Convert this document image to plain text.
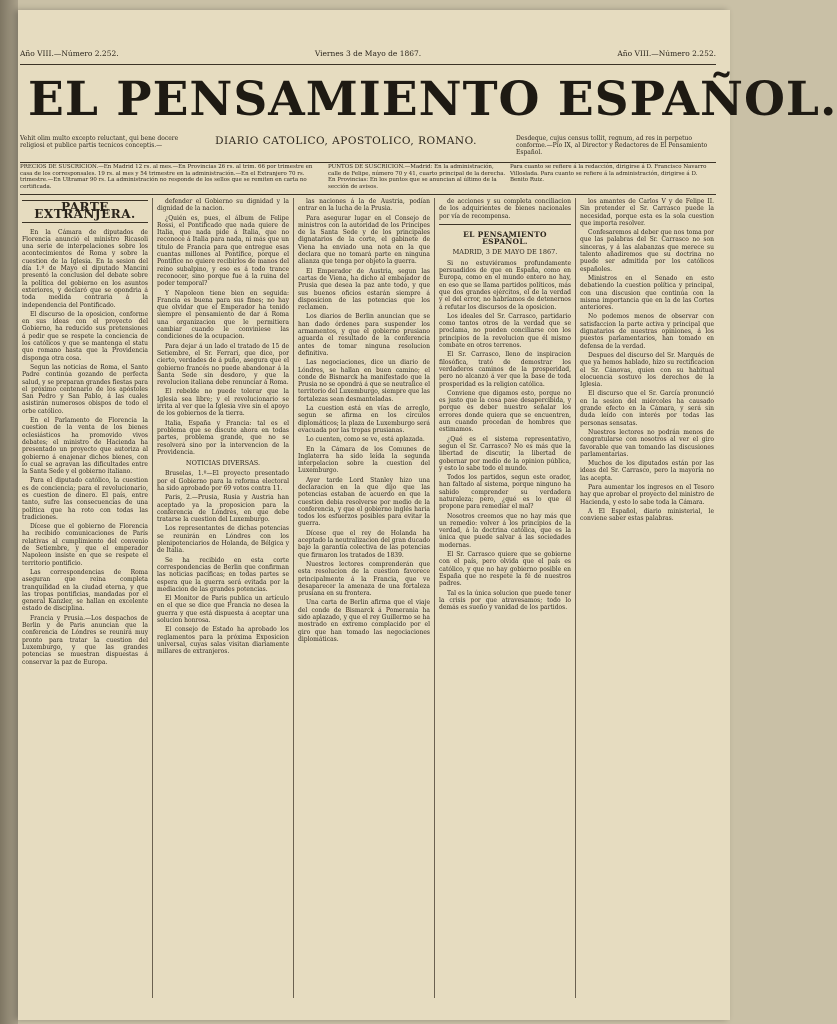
Año VIII.—Número 2.252.	Viernes 3 de Mayo de 1867.	Año VIII.—Número 2.252.
EL PENSAMIENTO ESPAÑOL.
Vehit olim multo excepto reluctant, qui bene docere religiosi et publice partis tecnicos conceptis.—	DIARIO CATOLICO, APOSTOLICO, ROMANO.	Desdeque, cujus census tollit, regnum, ad res in perpetuo conforme.—Pío IX, al Director y Redactores de El Pensamiento Español.
PRECIOS DE SUSCRICION.—En Madrid 12 rs. al mes.—En Provincias 26 rs. al trim. 66 por trimestre en casa de los corresponsales. 19 rs. al mes y 54 trimestre en la administración.—En el Extranjero 70 rs. trimestre.—En Ultramar 90 rs. La administración no responde de los sellos que se remiten en carta no certificada.
PUNTOS DE SUSCRICION.—Madrid: En la administración, calle de Felipe, número 70 y 41, cuarto principal de la derecha. En Provincias: En los puntos que se anuncian al último de la sección de avisos.
Para cuanto se refiere á la redacción, dirigirse á D. Francisco Navarro Villoslada. Para cuanto se refiere á la administración, dirigirse á D. Benito Ruiz.
PARTE EXTRANJERA.

En la Cámara de diputados de Florencia anunció el ministro Ricasoli una serie de interpelaciones sobre los acontecimientos de Roma y sobre la cuestion de la Iglesia. En la sesion del día 1.º de Mayo el diputado Mancini presentó la conclusion del debate sobre la política del gobierno en los asuntos exteriores, y declaró que se opondria á toda medida contraria á la independencia del Pontificado.

El discurso de la oposicion, conforme en sus ideas con el proyecto del Gobierno, ha reducido sus pretensiones á pedir que se respete la conciencia de los católicos y que se mantenga el statu quo romano hasta que la Providencia disponga otra cosa.

Segun las noticias de Roma, el Santo Padre continúa gozando de perfecta salud, y se preparan grandes fiestas para el próximo centenario de los apóstoles San Pedro y San Pablo, á las cuales asistirán numerosos obispos de todo el orbe católico.

En el Parlamento de Florencia la cuestion de la venta de los bienes eclesiásticos ha promovido vivos debates; el ministro de Hacienda ha presentado un proyecto que autoriza al gobierno á enajenar dichos bienes, con lo cual se agravan las dificultades entre la Santa Sede y el gobierno italiano.

Para el diputado católico, la cuestion es de conciencia; para el revolucionario, es cuestion de dinero. El país, entre tanto, sufre las consecuencias de una política que ha roto con todas las tradiciones.

Dícese que el gobierno de Florencia ha recibido comunicaciones de París relativas al cumplimiento del convenio de Setiembre, y que el emperador Napoleon insiste en que se respete el territorio pontificio.

Las correspondencias de Roma aseguran que reina completa tranquilidad en la ciudad eterna, y que las tropas pontificias, mandadas por el general Kanzler, se hallan en excelente estado de disciplina.

Francia y Prusia.—Los despachos de Berlin y de Paris anuncian que la conferencia de Lóndres se reunirá muy pronto para tratar la cuestion del Luxemburgo, y que las grandes potencias se muestran dispuestas á conservar la paz de Europa.

defender el Gobierno su dignidad y la dignidad de la nacion.

¿Quién es, pues, el álbum de Felipe Rossi, el Pontificado que nada quiere de Italia, que nada pide á Italia, que no reconoce á Italia para nada, ni más que un título de Francia para que entregue esas cuantas millones al Pontífice, porque el Pontífice no quiere recibirlos de manos del reino subalpino, y eso es á todo trance reconocer, sino porque fue á la ruina del poder temporal?

Y Napoleon tiene bien en seguida: Francia es buena para sus fines; no hay que olvidar que el Emperador ha tenido siempre el pensamiento de dar á Roma una organizacion que le permitiera cambiar cuando le conviniese las condiciones de la ocupacion.

Para dejar á un lado el tratado de 15 de Setiembre, el Sr. Ferrari, que dice, por cierto, verdades de á puño, asegura que el gobierno francés no puede abandonar á la Santa Sede sin desdoro, y que la revolucion italiana debe renunciar á Roma.

El rebelde no puede tolerar que la Iglesia sea libre; y el revolucionario se irrita al ver que la Iglesia vive sin el apoyo de los gobiernos de la tierra.

Italia, España y Francia: tal es el problema que se discute ahora en todas partes, problema grande, que no se resolverá sino por la intervencion de la Providencia.

NOTICIAS DIVERSAS.

Bruselas, 1.º—El proyecto presentado por el Gobierno para la reforma electoral ha sido aprobado por 69 votos contra 11.

Paris, 2.—Prusia, Rusia y Austria han aceptado ya la proposicion para la conferencia de Lóndres, en que debe tratarse la cuestion del Luxemburgo.

Los representantes de dichas potencias se reunirán en Lóndres con los plenipotenciarios de Holanda, de Bélgica y de Italia.

Se ha recibido en esta corte correspondencias de Berlin que confirman las noticias pacíficas; en todas partes se espera que la guerra será evitada por la mediacion de las grandes potencias.

El Monitor de Paris publica un artículo en el que se dice que Francia no desea la guerra y que está dispuesta á aceptar una solucion honrosa.

El consejo de Estado ha aprobado los reglamentos para la próxima Exposicion universal, cuyas salas visitan diariamente millares de extranjeros.

las naciones á la de Austria, podían entrar en la lucha de la Prusia.

Para asegurar lugar en el Consejo de ministros con la autoridad de los Principes de la Santa Sede y de los principales dignatarios de la corte, el gabinete de Viena ha enviado una nota en la que declara que no tomará parte en ninguna alianza que tenga por objeto la guerra.

El Emperador de Austria, segun las cartas de Viena, ha dicho al embajador de Prusia que desea la paz ante todo, y que sus buenos oficios estarán siempre á disposicion de las potencias que los reclamen.

Los diarios de Berlin anuncian que se han dado órdenes para suspender los armamentos, y que el gobierno prusiano aguarda el resultado de la conferencia antes de tomar ninguna resolucion definitiva.

Las negociaciones, dice un diario de Lóndres, se hallan en buen camino; el conde de Bismarck ha manifestado que la Prusia no se opondrá á que se neutralice el territorio del Luxemburgo, siempre que las fortalezas sean desmanteladas.

La cuestion está en vías de arreglo, segun se afirma en los círculos diplomáticos; la plaza de Luxemburgo será evacuada por las tropas prusianas.

Lo cuenten, como se ve, está aplazada.

En la Cámara de los Comunes de Inglaterra ha sido leída la segunda interpelacion sobre la cuestion del Luxemburgo.

Ayer tarde Lord Stanley hizo una declaracion en la que dijo que las potencias estaban de acuerdo en que la cuestion debia resolverse por medio de la conferencia, y que el gobierno inglés haria todos los esfuerzos posibles para evitar la guerra.

Dícese que el rey de Holanda ha aceptado la neutralizacion del gran ducado bajo la garantía colectiva de las potencias que firmaron los tratados de 1839.

Nuestros lectores comprenderán que esta resolucion de la cuestion favorece principalmente á la Francia, que ve desaparecer la amenaza de una fortaleza prusiana en su frontera.

Una carta de Berlin afirma que el viaje del conde de Bismarck á Pomerania ha sido aplazado, y que el rey Guillermo se ha mostrado en extremo complacido por el giro que han tomado las negociaciones diplomáticas.

de acciones y su completa conciliacion de los adquirientes de bienes nacionales por vía de recompensa.

EL PENSAMIENTO ESPAÑOL.
MADRID, 3 DE MAYO DE 1867.

Si no estuviéramos profundamente persuadidos de que en España, como en Europa, como en el mundo entero no hay, en eso que se llama partidos políticos, más que dos grandes ejércitos, el de la verdad y el del error, no habríamos de detenernos á refutar los discursos de la oposicion.

Los ideales del Sr. Carrasco, partidario como tantos otros de la verdad que se proclama, no pueden conciliarse con los principios de la revolucion que él mismo combate en otros terrenos.

El Sr. Carrasco, lleno de inspiracion filosófica, trató de demostrar los verdaderos caminos de la prosperidad, pero no alcanzó á ver que la base de toda prosperidad es la religion católica.

Conviene que digamos esto, porque no es justo que la cosa pase desapercibida, y porque es deber nuestro señalar los errores donde quiera que se encuentren, aun cuando procedan de hombres que estimamos.

¿Qué es el sistema representativo, segun el Sr. Carrasco? No es más que la libertad de discutir, la libertad de gobernar por medio de la opinion pública, y esto lo sabe todo el mundo.

Todos los partidos, segun este orador, han faltado al sistema, porque ninguno ha sabido comprender su verdadera naturaleza; pero, ¿qué es lo que él propone para remediar el mal?

Nosotros creemos que no hay más que un remedio: volver á los principios de la verdad, á la doctrina católica, que es la única que puede salvar á las sociedades modernas.

El Sr. Carrasco quiere que se gobierne con el país, pero olvida que el país es católico, y que no hay gobierno posible en España que no respete la fé de nuestros padres.

Tal es la única solucion que puede tener la crisis por que atravesamos; todo lo demás es sueño y vanidad de los partidos.

los amantes de Carlos V y de Felipe II. Sin pretender el Sr. Carrasco puede la necesidad, porque esta es la sola cuestion que importa resolver.

Confesaremos al deber que nos toma por que las palabras del Sr. Carrasco no son sinceras, y á las alabanzas que merece su talento añadiremos que su doctrina no puede ser admitida por los católicos españoles.

Ministros en el Senado en esto debatiendo la cuestion política y principal, con una discusion que continúa con la misma importancia que en la de las Cortes anteriores.

No podemos menos de observar con satisfaccion la parte activa y principal que dignatarios de nuestras opiniones, á los puestos parlamentarios, han tomado en defensa de la verdad.

Despues del discurso del Sr. Marqués de que ya hemos hablado, hizo su rectificacion el Sr. Cánovas, quien con su habitual elocuencia sostuvo los derechos de la Iglesia.

El discurso que el Sr. García pronunció en la sesion del miércoles ha causado grande efecto en la Cámara, y será sin duda leído con interés por todas las personas sensatas.

Nuestros lectores no podrán menos de congratularse con nosotros al ver el giro favorable que van tomando las discusiones parlamentarias.

Muchos de los diputados están por las ideas del Sr. Carrasco, pero la mayoría no las acepta.

Para aumentar los ingresos en el Tesoro hay que aprobar el proyecto del ministro de Hacienda, y esto lo sabe toda la Cámara.

A El Español, diario ministerial, le conviene saber estas palabras.
